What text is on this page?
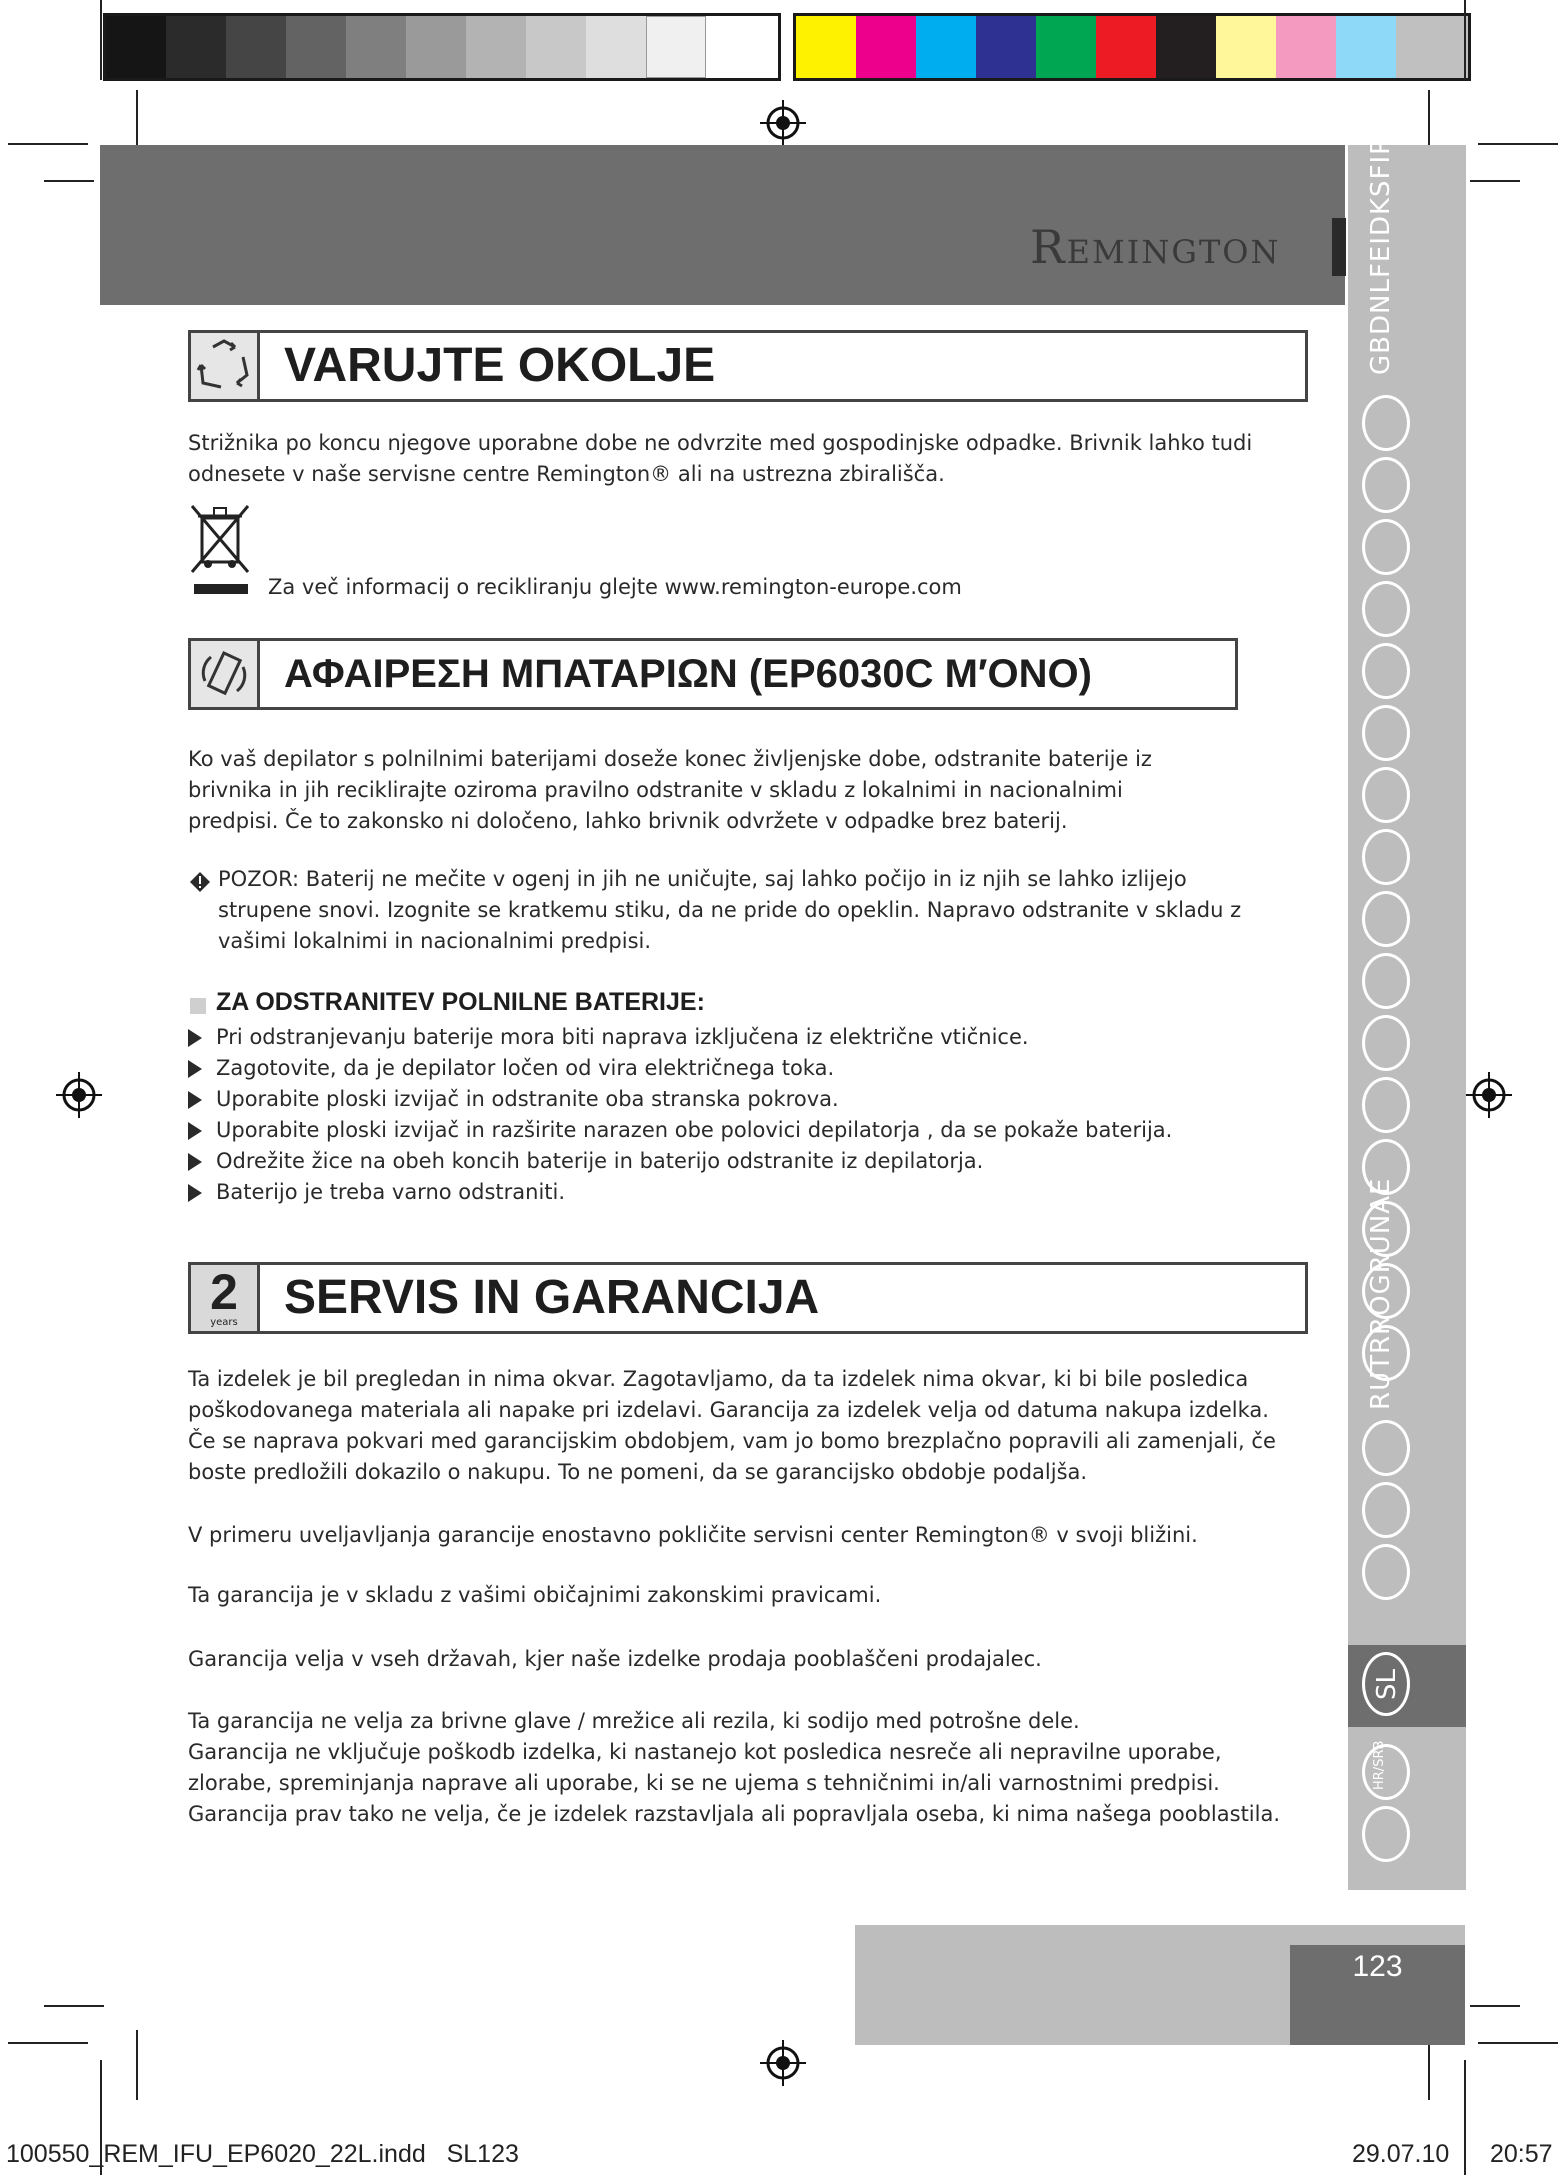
Remington	GBDNLFEIDKSFIPLCZ
RUTRROGRUNAE
SL
HR/SRB
VARUJTE OKOLJE
Strižnika po koncu njegove uporabne dobe ne odvrzite med gospodinjske odpadke. Brivnik lahko tudi odnesete v naše servisne centre Remington® ali na ustrezna zbirališča.
Za več informacij o recikliranju glejte www.remington-europe.com
ΑΦΑΙΡΕΣΗ ΜΠΑΤΑΡΙΩΝ (EP6030C M′ONO)
Ko vaš depilator s polnilnimi baterijami doseže konec življenjske dobe, odstranite baterije iz brivnika in jih reciklirajte oziroma pravilno odstranite v skladu z lokalnimi in nacionalnimi predpisi. Če to zakonsko ni določeno, lahko brivnik odvržete v odpadke brez baterij.
POZOR: Baterij ne mečite v ogenj in jih ne uničujte, saj lahko počijo in iz njih se lahko izlijejo strupene snovi. Izognite se kratkemu stiku, da ne pride do opeklin. Napravo odstranite v skladu z vašimi lokalnimi in nacionalnimi predpisi.
ZA ODSTRANITEV POLNILNE BATERIJE:
Pri odstranjevanju baterije mora biti naprava izključena iz električne vtičnice.
Zagotovite, da je depilator ločen od vira električnega toka.
Uporabite ploski izvijač in odstranite oba stranska pokrova.
Uporabite ploski izvijač in razširite narazen obe polovici depilatorja , da se pokaže baterija.
Odrežite žice na obeh koncih baterije in baterijo odstranite iz depilatorja.
Baterijo je treba varno odstraniti.
2
years SERVIS IN GARANCIJA
Ta izdelek je bil pregledan in nima okvar. Zagotavljamo, da ta izdelek nima okvar, ki bi bile posledica poškodovanega materiala ali napake pri izdelavi. Garancija za izdelek velja od datuma nakupa izdelka. Če se naprava pokvari med garancijskim obdobjem, vam jo bomo brezplačno popravili ali zamenjali, če boste predložili dokazilo o nakupu. To ne pomeni, da se garancijsko obdobje podaljša.
V primeru uveljavljanja garancije enostavno pokličite servisni center Remington® v svoji bližini.
Ta garancija je v skladu z vašimi običajnimi zakonskimi pravicami.
Garancija velja v vseh državah, kjer naše izdelke prodaja pooblaščeni prodajalec.
Ta garancija ne velja za brivne glave / mrežice ali rezila, ki sodijo med potrošne dele.
Garancija ne vključuje poškodb izdelka, ki nastanejo kot posledica nesreče ali nepravilne uporabe, zlorabe, spreminjanja naprave ali uporabe, ki se ne ujema s tehničnimi in/ali varnostnimi predpisi. Garancija prav tako ne velja, če je izdelek razstavljala ali popravljala oseba, ki nima našega pooblastila.
123
100550_REM_IFU_EP6020_22L.indd   SL123	29.07.10 20:57
